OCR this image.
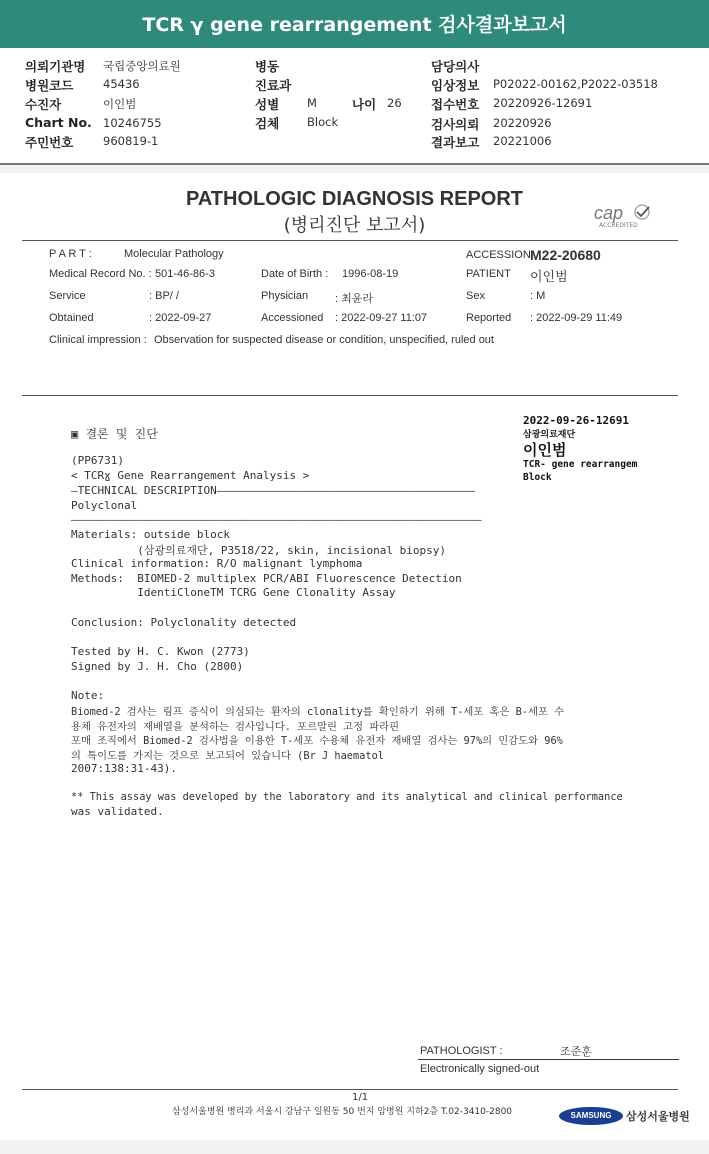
TCR γ gene rearrangement 검사결과보고서
의뢰기관명 국립중앙의료원
병원코드	45436
수진자	이인범
Chart No. 10246755
주민번호	960819-1
병동
진료과
성별 M	나이 26
검체 Block
담당의사
임상정보 P02022-00162,P2022-03518
접수번호 20220926-12691
검사의뢰 20220926
결과보고 20221006
PATHOLOGIC DIAGNOSIS REPORT
(병리진단 보고서)
cap
ACCREDITED
P A R T :	Molecular Pathology	ACCESSION M22-20680
Medical Record No. : 501-46-86-3	Date of Birth : 1996-08-19	PATIENT 이인범
Service	: BP/ /	Physician : 최윤라	Sex	: M
Obtained	: 2022-09-27	Accessioned : 2022-09-27 11:07	Reported : 2022-09-29 11:49
Clinical impression : Observation for suspected disease or condition, unspecified, ruled out
2022-09-26-12691
삼광의료재단
이인범
TCR- gene rearrangem
Block
▣ 결론 및 진단
(PP6731)
< TCRɣ Gene Rearrangement Analysis >
—TECHNICAL DESCRIPTION———————————————————————————————————————
Polyclonal
——————————————————————————————————————————————————————————————
Materials: outside block
(삼광의료재단, P3518/22, skin, incisional biopsy)
Clinical information: R/O malignant lymphoma
Methods:  BIOMED-2 multiplex PCR/ABI Fluorescence Detection
IdentiCloneTM TCRG Gene Clonality Assay
Conclusion: Polyclonality detected
Tested by H. C. Kwon (2773)
Signed by J. H. Cho (2800)
Note:
Biomed-2 검사는 림프 증식이 의심되는 환자의 clonality를 확인하기 위해 T-세포 혹은 B-세포 수
용체 유전자의 재배열을 분석하는 검사입니다. 포르말린 고정 파라핀
포매 조직에서 Biomed-2 검사법을 이용한 T-세포 수용체 유전자 재배열 검사는 97%의 민감도와 96%
의 특이도를 가지는 것으로 보고되어 있습니다 (Br J haematol
2007:138:31-43).
** This assay was developed by the laboratory and its analytical and clinical performance
was validated.
PATHOLOGIST :	조준훈
Electronically signed-out
1/1
삼성서울병원 병리과 서울시 강남구 일원동 50 번지 암병원 지하2층 T.02-3410-2800	SAMSUNG	삼성서울병원
